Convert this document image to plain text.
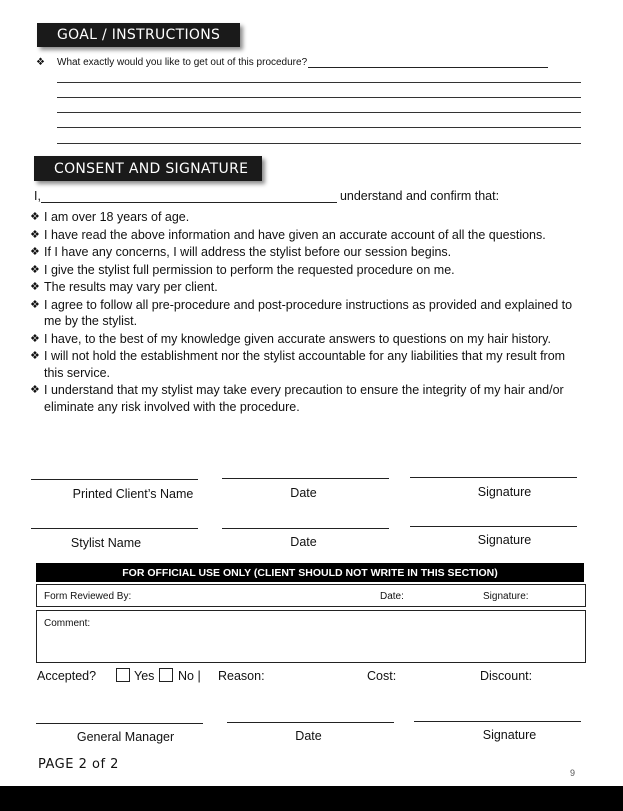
GOAL / INSTRUCTIONS
❖	What exactly would you like to get out of this procedure?
CONSENT AND SIGNATURE
I,	understand and confirm that:
❖ I am over 18 years of age.
❖ I have read the above information and have given an accurate account of all the questions.
❖ If I have any concerns, I will address the stylist before our session begins.
❖ I give the stylist full permission to perform the requested procedure on me.
❖ The results may vary per client.
❖ I agree to follow all pre-procedure and post-procedure instructions as provided and explained to me by the stylist.
❖ I have, to the best of my knowledge given accurate answers to questions on my hair history.
❖ I will not hold the establishment nor the stylist accountable for any liabilities that my result from this service.
❖ I understand that my stylist may take every precaution to ensure the integrity of my hair and/or eliminate any risk involved with the procedure.
Printed Client’s Name	Date	Signature
Stylist Name	Date	Signature
FOR OFFICIAL USE ONLY (CLIENT SHOULD NOT WRITE IN THIS SECTION)
Form Reviewed By:	Date:	Signature:
Comment:
Accepted?	Yes No | Reason:	Cost:	Discount:
General Manager	Date	Signature
PAGE 2 of 2
9
